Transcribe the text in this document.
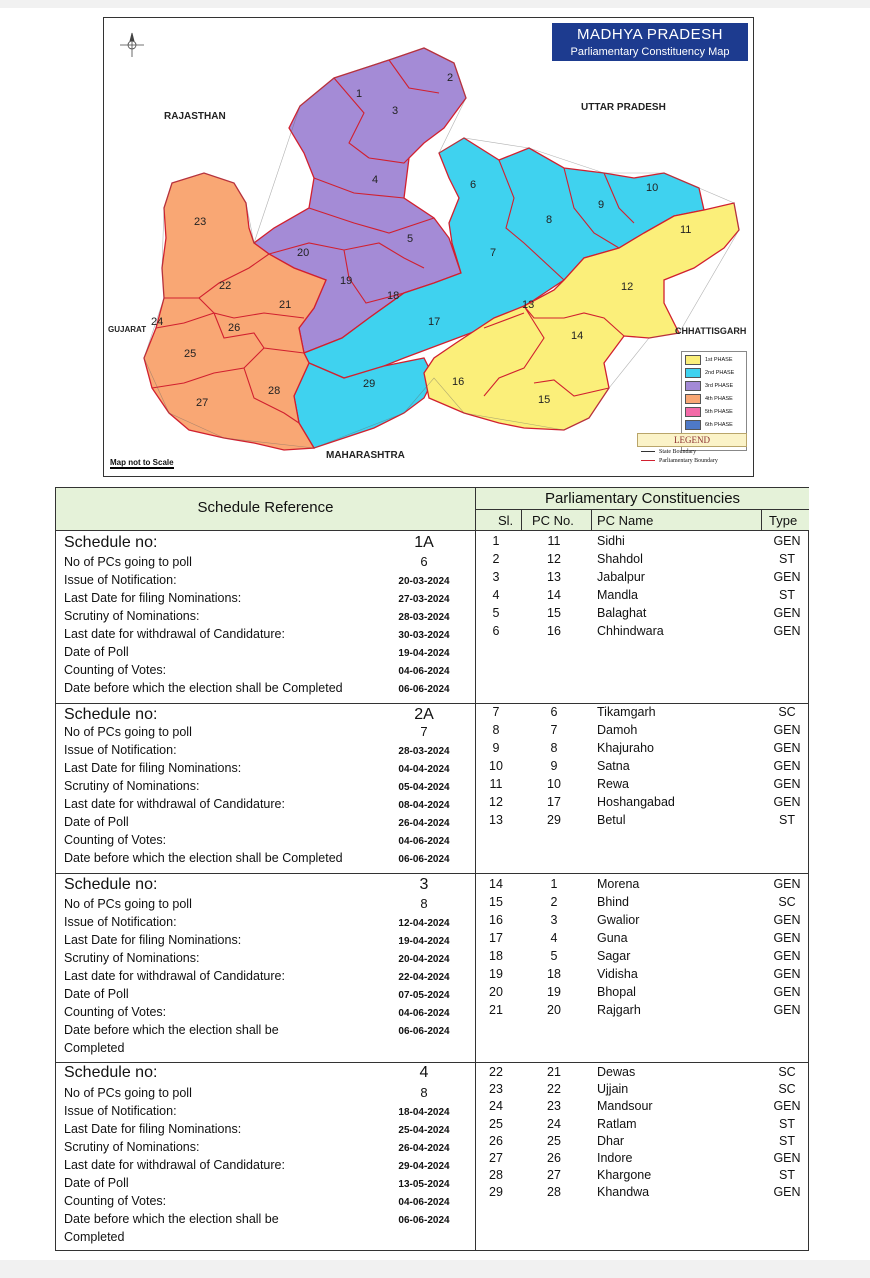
1
2
3
4
5
6
7
8
9
10
11
12
13
14
15
16
17
18
19
20
21
22
23
24
25
26
27
28
29
MADHYA PRADESH
Parliamentary Constituency Map
RAJASTHAN
UTTAR PRADESH
GUJARAT	CHHATTISGARH
MAHARASHTRA
Map not to Scale
1st PHASE
2nd PHASE
3rd PHASE
4th PHASE
5th PHASE
6th PHASE
LEGEND
State Boundary
Parliamentary Boundary
Schedule Reference
Parliamentary Constituencies
Sl. PC No. PC Name	Type
Schedule no:	1A
No of PCs going to poll	6
Issue of Notification:	20-03-2024
Last Date for filing Nominations:	27-03-2024
Scrutiny of Nominations:	28-03-2024
Last date for withdrawal of Candidature:	30-03-2024
Date of Poll	19-04-2024
Counting of Votes:	04-06-2024
Date before which the election shall be Completed	06-06-2024
Schedule no:	2A
No of PCs going to poll	7
Issue of Notification:	28-03-2024
Last Date for filing Nominations:	04-04-2024
Scrutiny of Nominations:	05-04-2024
Last date for withdrawal of Candidature:	08-04-2024
Date of Poll	26-04-2024
Counting of Votes:	04-06-2024
Date before which the election shall be Completed	06-06-2024
Schedule no:	3
No of PCs going to poll	8
Issue of Notification:	12-04-2024
Last Date for filing Nominations:	19-04-2024
Scrutiny of Nominations:	20-04-2024
Last date for withdrawal of Candidature:	22-04-2024
Date of Poll	07-05-2024
Counting of Votes:	04-06-2024
Date before which the election shall be	06-06-2024
Completed
Schedule no:	4
No of PCs going to poll	8
Issue of Notification:	18-04-2024
Last Date for filing Nominations:	25-04-2024
Scrutiny of Nominations:	26-04-2024
Last date for withdrawal of Candidature:	29-04-2024
Date of Poll	13-05-2024
Counting of Votes:	04-06-2024
Date before which the election shall be	06-06-2024
Completed
1	11	Sidhi	GEN
2	12	Shahdol	ST
3	13	Jabalpur	GEN
4	14	Mandla	ST
5	15	Balaghat	GEN
6	16	Chhindwara	GEN
7	6	Tikamgarh	SC
8	7	Damoh	GEN
9	8	Khajuraho	GEN
10	9	Satna	GEN
11	10	Rewa	GEN
12	17	Hoshangabad	GEN
13	29	Betul	ST
14	1	Morena	GEN
15	2	Bhind	SC
16	3	Gwalior	GEN
17	4	Guna	GEN
18	5	Sagar	GEN
19	18	Vidisha	GEN
20	19	Bhopal	GEN
21	20	Rajgarh	GEN
22	21	Dewas	SC
23	22	Ujjain	SC
24	23	Mandsour	GEN
25	24	Ratlam	ST
26	25	Dhar	ST
27	26	Indore	GEN
28	27	Khargone	ST
29	28	Khandwa	GEN
